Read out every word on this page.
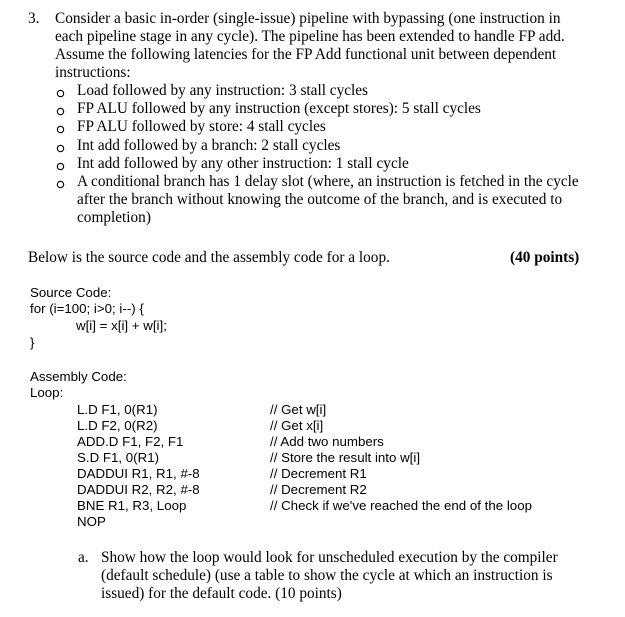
3. Consider a basic in-order (single-issue) pipeline with bypassing (one instruction in
each pipeline stage in any cycle). The pipeline has been extended to handle FP add.
Assume the following latencies for the FP Add functional unit between dependent
instructions:
Load followed by any instruction: 3 stall cycles
FP ALU followed by any instruction (except stores): 5 stall cycles
FP ALU followed by store: 4 stall cycles
Int add followed by a branch: 2 stall cycles
Int add followed by any other instruction: 1 stall cycle
A conditional branch has 1 delay slot (where, an instruction is fetched in the cycle
after the branch without knowing the outcome of the branch, and is executed to
completion)
Below is the source code and the assembly code for a loop.	(40 points)
Source Code:
for (i=100; i>0; i--) {
w[i] = x[i] + w[i];
}
Assembly Code:
Loop:
L.D F1, 0(R1)	// Get w[i]
L.D F2, 0(R2)	// Get x[i]
ADD.D F1, F2, F1	// Add two numbers
S.D F1, 0(R1)	// Store the result into w[i]
DADDUI R1, R1, #-8	// Decrement R1
DADDUI R2, R2, #-8	// Decrement R2
BNE R1, R3, Loop	// Check if we've reached the end of the loop
NOP
a. Show how the loop would look for unscheduled execution by the compiler
(default schedule) (use a table to show the cycle at which an instruction is
issued) for the default code. (10 points)
